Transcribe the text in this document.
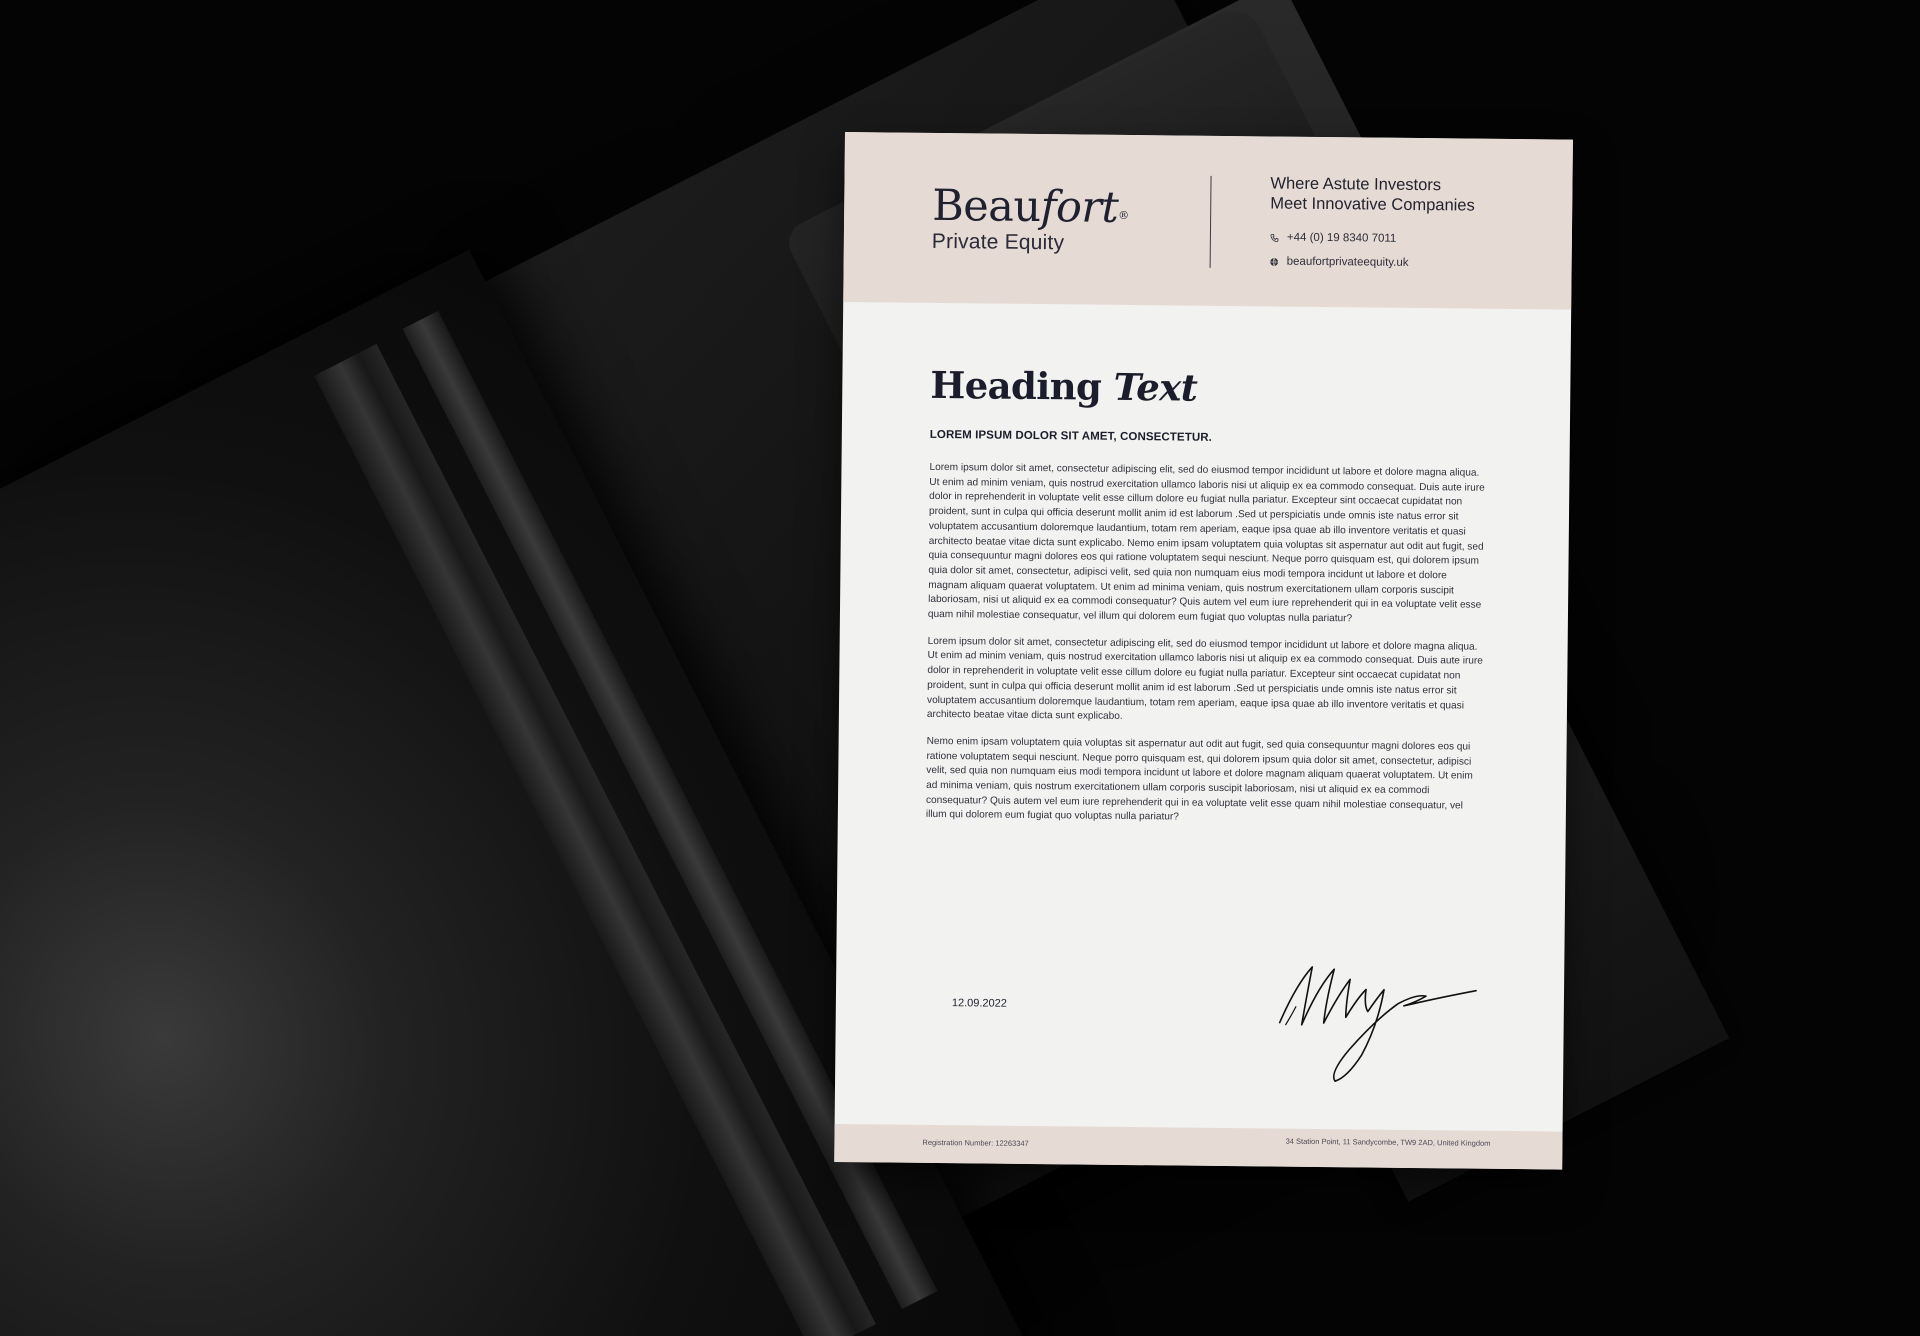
Beaufort®
Private Equity
Where Astute Investors
Meet Innovative Companies
+44 (0) 19 8340 7011
beaufortprivateequity.uk
Heading Text
LOREM IPSUM DOLOR SIT AMET, CONSECTETUR.

Lorem ipsum dolor sit amet, consectetur adipiscing elit, sed do eiusmod tempor incididunt ut labore et dolore magna aliqua. Ut enim ad minim veniam, quis nostrud exercitation ullamco laboris nisi ut aliquip ex ea commodo consequat. Duis aute irure dolor in reprehenderit in voluptate velit esse cillum dolore eu fugiat nulla pariatur. Excepteur sint occaecat cupidatat non proident, sunt in culpa qui officia deserunt mollit anim id est laborum .Sed ut perspiciatis unde omnis iste natus error sit voluptatem accusantium doloremque laudantium, totam rem aperiam, eaque ipsa quae ab illo inventore veritatis et quasi architecto beatae vitae dicta sunt explicabo. Nemo enim ipsam voluptatem quia voluptas sit aspernatur aut odit aut fugit, sed quia consequuntur magni dolores eos qui ratione voluptatem sequi nesciunt. Neque porro quisquam est, qui dolorem ipsum quia dolor sit amet, consectetur, adipisci velit, sed quia non numquam eius modi tempora incidunt ut labore et dolore magnam aliquam quaerat voluptatem. Ut enim ad minima veniam, quis nostrum exercitationem ullam corporis suscipit laboriosam, nisi ut aliquid ex ea commodi consequatur? Quis autem vel eum iure reprehenderit qui in ea voluptate velit esse quam nihil molestiae consequatur, vel illum qui dolorem eum fugiat quo voluptas nulla pariatur?

Lorem ipsum dolor sit amet, consectetur adipiscing elit, sed do eiusmod tempor incididunt ut labore et dolore magna aliqua. Ut enim ad minim veniam, quis nostrud exercitation ullamco laboris nisi ut aliquip ex ea commodo consequat. Duis aute irure dolor in reprehenderit in voluptate velit esse cillum dolore eu fugiat nulla pariatur. Excepteur sint occaecat cupidatat non proident, sunt in culpa qui officia deserunt mollit anim id est laborum .Sed ut perspiciatis unde omnis iste natus error sit voluptatem accusantium doloremque laudantium, totam rem aperiam, eaque ipsa quae ab illo inventore veritatis et quasi architecto beatae vitae dicta sunt explicabo.

Nemo enim ipsam voluptatem quia voluptas sit aspernatur aut odit aut fugit, sed quia consequuntur magni dolores eos qui ratione voluptatem sequi nesciunt. Neque porro quisquam est, qui dolorem ipsum quia dolor sit amet, consectetur, adipisci velit, sed quia non numquam eius modi tempora incidunt ut labore et dolore magnam aliquam quaerat voluptatem. Ut enim ad minima veniam, quis nostrum exercitationem ullam corporis suscipit laboriosam, nisi ut aliquid ex ea commodi consequatur? Quis autem vel eum iure reprehenderit qui in ea voluptate velit esse quam nihil molestiae consequatur, vel illum qui dolorem eum fugiat quo voluptas nulla pariatur?

12.09.2022
Registration Number: 12263347	34 Station Point, 11 Sandycombe, TW9 2AD, United Kingdom
